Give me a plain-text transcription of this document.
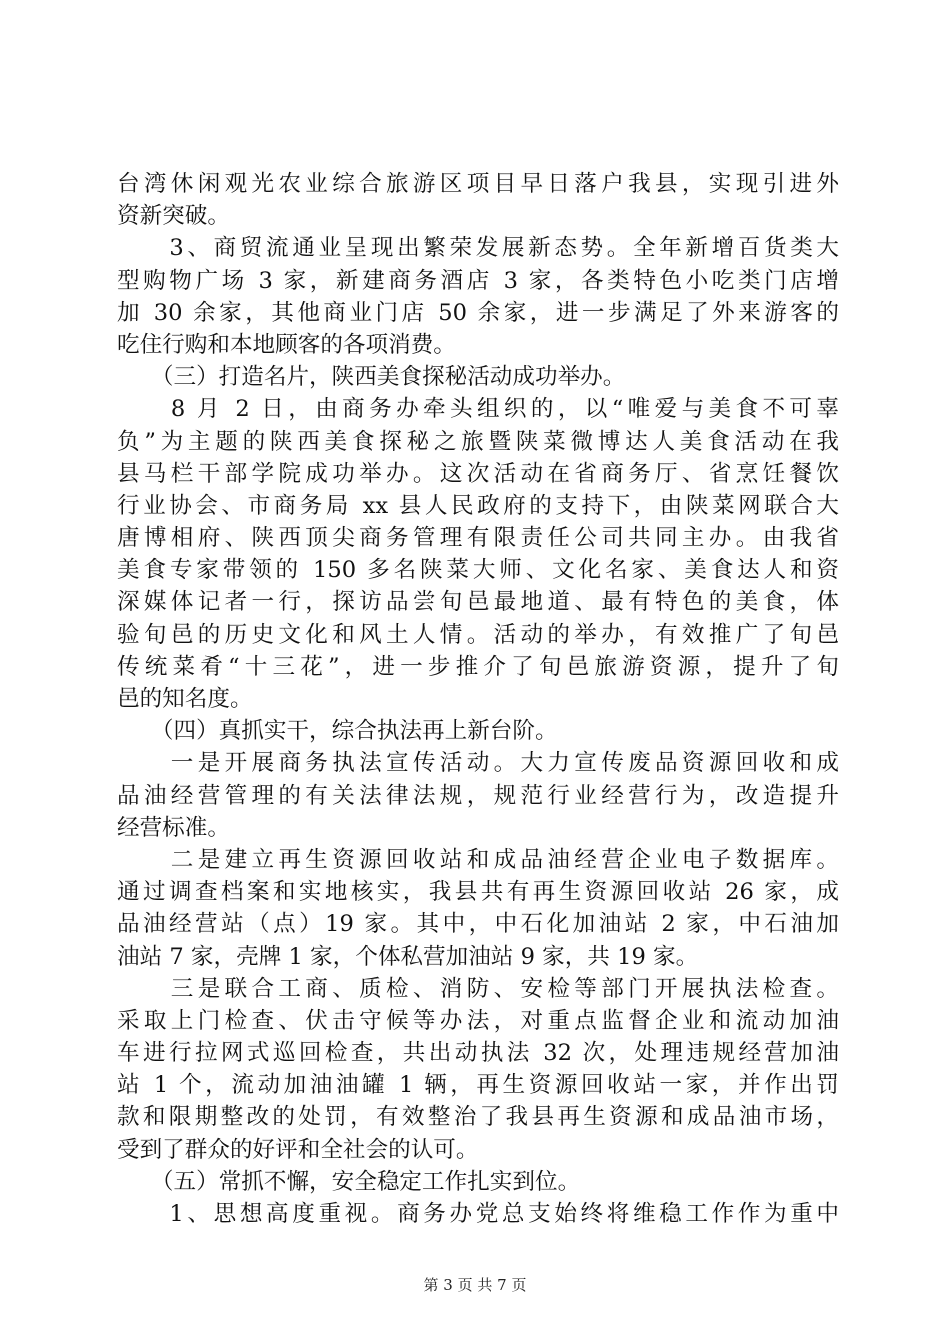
台湾休闲观光农业综合旅游区项目早日落户我县，实现引进外
资新突破。
　　3、商贸流通业呈现出繁荣发展新态势。全年新增百货类大
型购物广场 3 家，新建商务酒店 3 家，各类特色小吃类门店增
加 30 余家，其他商业门店 50 余家，进一步满足了外来游客的
吃住行购和本地顾客的各项消费。
　　（三）打造名片，陕西美食探秘活动成功举办。
　　8 月 2 日，由商务办牵头组织的，以“唯爱与美食不可辜
负”为主题的陕西美食探秘之旅暨陕菜微博达人美食活动在我
县马栏干部学院成功举办。这次活动在省商务厅、省烹饪餐饮
行业协会、市商务局 xx 县人民政府的支持下，由陕菜网联合大
唐博相府、陕西顶尖商务管理有限责任公司共同主办。由我省
美食专家带领的 150 多名陕菜大师、文化名家、美食达人和资
深媒体记者一行，探访品尝旬邑最地道、最有特色的美食，体
验旬邑的历史文化和风土人情。活动的举办，有效推广了旬邑
传统菜肴“十三花”，进一步推介了旬邑旅游资源，提升了旬
邑的知名度。
　　（四）真抓实干，综合执法再上新台阶。
　　一是开展商务执法宣传活动。大力宣传废品资源回收和成
品油经营管理的有关法律法规，规范行业经营行为，改造提升
经营标准。
　　二是建立再生资源回收站和成品油经营企业电子数据库。
通过调查档案和实地核实，我县共有再生资源回收站 26 家，成
品油经营站（点）19 家。其中，中石化加油站 2 家，中石油加
油站 7 家，壳牌 1 家，个体私营加油站 9 家，共 19 家。
　　三是联合工商、质检、消防、安检等部门开展执法检查。
采取上门检查、伏击守候等办法，对重点监督企业和流动加油
车进行拉网式巡回检查，共出动执法 32 次，处理违规经营加油
站 1 个，流动加油油罐 1 辆，再生资源回收站一家，并作出罚
款和限期整改的处罚，有效整治了我县再生资源和成品油市场，
受到了群众的好评和全社会的认可。
　　（五）常抓不懈，安全稳定工作扎实到位。
　　1、思想高度重视。商务办党总支始终将维稳工作作为重中
第 3 页 共 7 页
